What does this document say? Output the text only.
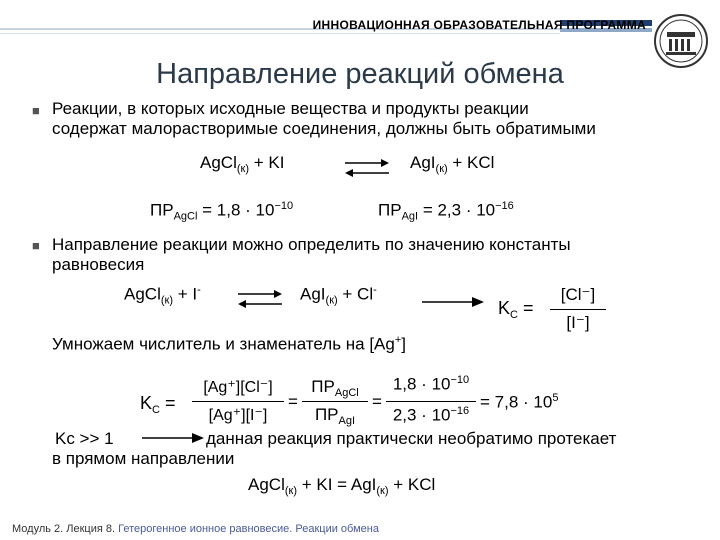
ИННОВАЦИОННАЯ ОБРАЗОВАТЕЛЬНАЯ ПРОГРАММА
Направление реакций обмена
■ Реакции, в которых исходные вещества и продукты реакции
содержат малорастворимые соединения, должны быть обратимыми
AgCl$_{(к)}$ + KI	⇌ AgI$_{(к)}$ + KCl
$ПР_{AgCl} = 1,8 \cdot 10^{-10}$	$ПР_{AgI} = 2,3 \cdot 10^{-16}$
■ Направление реакции можно определить по значению константы
равновесия
AgCl$_{(к)}$ + I- ⇌ AgI$_{(к)}$ + Cl-
$K_C$ =
[Cl⁻]
[I⁻]
Умножаем числитель и знаменатель на [Ag+]
$K_C$ =
[Ag⁺][Cl⁻]
[Ag⁺][I⁻]
=
$ПР_{AgCl}$
$ПР_{AgI}$
=
$1,8 \cdot 10^{-10}$
$2,3 \cdot 10^{-16} = 7,8 \cdot 10^5$
Kc >> 1	данная реакция практически необратимо протекает
в прямом направлении
AgCl$_{(к)}$ + KI = AgI$_{(к)}$ + KCl
Модуль 2. Лекция 8. Гетерогенное ионное равновесие. Реакции обмена
